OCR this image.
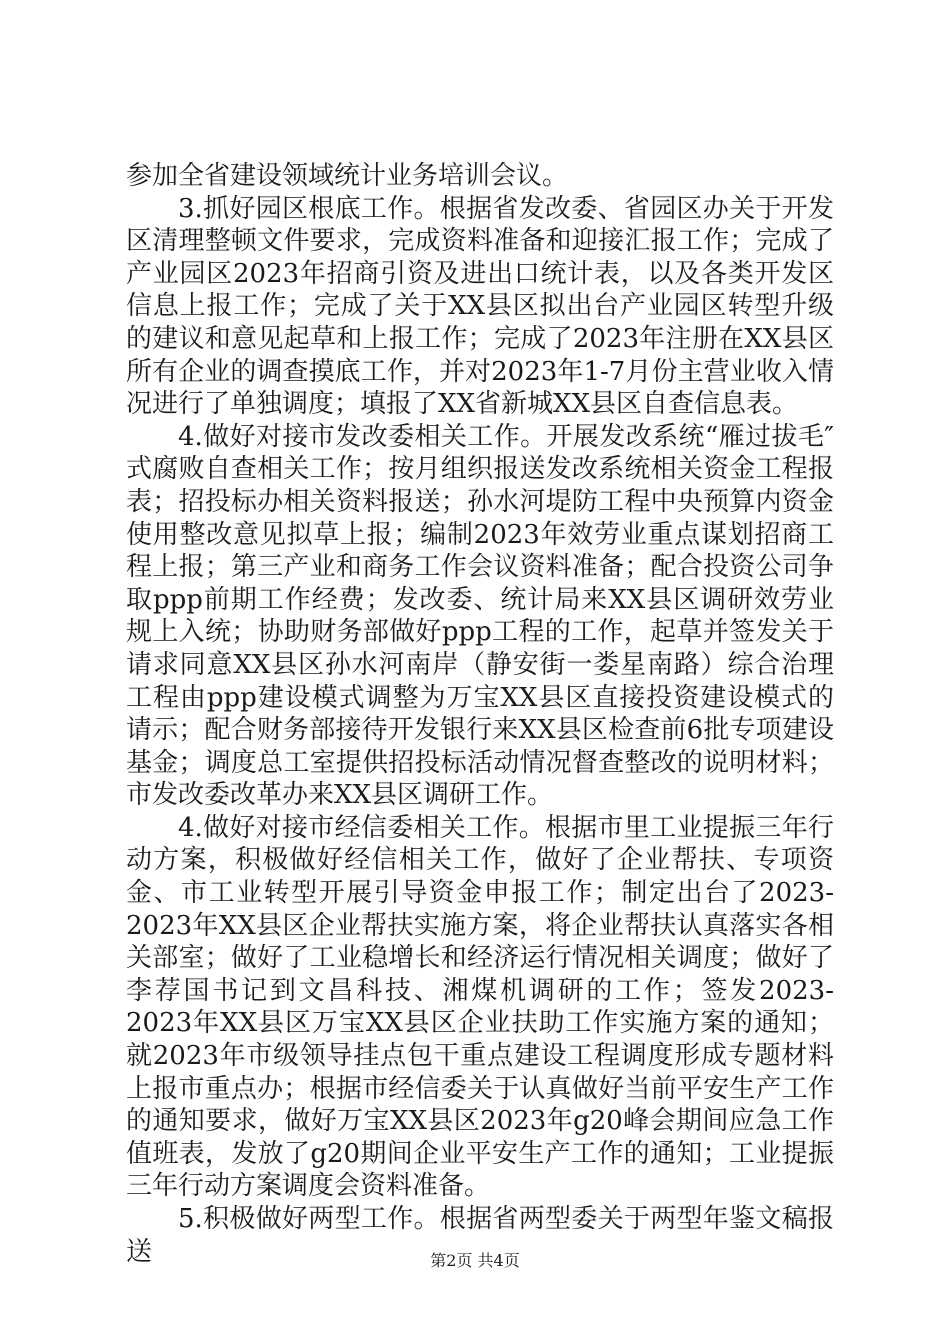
参加全省建设领域统计业务培训会议。

3.抓好园区根底工作。根据省发改委、省园区办关于开发区清理整顿文件要求，完成资料准备和迎接汇报工作；完成了产业园区2023年招商引资及进出口统计表，以及各类开发区信息上报工作；完成了关于XX县区拟出台产业园区转型升级的建议和意见起草和上报工作；完成了2023年注册在XX县区所有企业的调查摸底工作，并对2023年1-7月份主营业收入情况进行了单独调度；填报了XX省新城XX县区自查信息表。

4.做好对接市发改委相关工作。开展发改系统“雁过拔毛″式腐败自查相关工作；按月组织报送发改系统相关资金工程报表；招投标办相关资料报送；孙水河堤防工程中央预算内资金使用整改意见拟草上报；编制2023年效劳业重点谋划招商工程上报；第三产业和商务工作会议资料准备；配合投资公司争取ppp前期工作经费；发改委、统计局来XX县区调研效劳业规上入统；协助财务部做好ppp工程的工作，起草并签发关于请求同意XX县区孙水河南岸（静安街一娄星南路）综合治理工程由ppp建设模式调整为万宝XX县区直接投资建设模式的请示；配合财务部接待开发银行来XX县区检查前6批专项建设基金；调度总工室提供招投标活动情况督查整改的说明材料；市发改委改革办来XX县区调研工作。

4.做好对接市经信委相关工作。根据市里工业提振三年行动方案，积极做好经信相关工作，做好了企业帮扶、专项资金、市工业转型开展引导资金申报工作；制定出台了2023-2023年XX县区企业帮扶实施方案，将企业帮扶认真落实各相关部室；做好了工业稳增长和经济运行情况相关调度；做好了李荐国书记到文昌科技、湘煤机调研的工作；签发2023-2023年XX县区万宝XX县区企业扶助工作实施方案的通知；就2023年市级领导挂点包干重点建设工程调度形成专题材料上报市重点办；根据市经信委关于认真做好当前平安生产工作的通知要求，做好万宝XX县区2023年g20峰会期间应急工作值班表，发放了g20期间企业平安生产工作的通知；工业提振三年行动方案调度会资料准备。

5.积极做好两型工作。根据省两型委关于两型年鉴文稿报送	第2页 共4页
